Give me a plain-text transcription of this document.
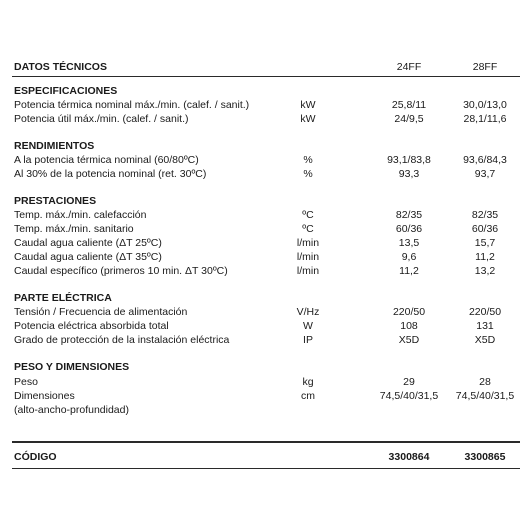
DATOS TÉCNICOS	24FF	28FF
ESPECIFICACIONES
Potencia térmica nominal máx./min. (calef. / sanit.)	kW	25,8/11	30,0/13,0
Potencia útil máx./min. (calef. / sanit.)	kW	24/9,5	28,1/11,6
RENDIMIENTOS
A la potencia térmica nominal (60/80ºC)	%	93,1/83,8	93,6/84,3
Al 30% de la potencia nominal (ret. 30ºC)	%	93,3	93,7
PRESTACIONES
Temp. máx./min. calefacción	ºC	82/35	82/35
Temp. máx./min. sanitario	ºC	60/36	60/36
Caudal agua caliente (ΔT 25ºC)	l/min	13,5	15,7
Caudal agua caliente (ΔT 35ºC)	l/min	9,6	11,2
Caudal específico (primeros 10 min. ΔT 30ºC)	l/min	11,2	13,2
PARTE ELÉCTRICA
Tensión / Frecuencia de alimentación	V/Hz	220/50	220/50
Potencia eléctrica absorbida total	W	108	131
Grado de protección de la instalación eléctrica	IP	X5D	X5D
PESO Y DIMENSIONES
Peso	kg	29	28
Dimensiones	cm	74,5/40/31,5	74,5/40/31,5
(alto-ancho-profundidad)
CÓDIGO	3300864	3300865
